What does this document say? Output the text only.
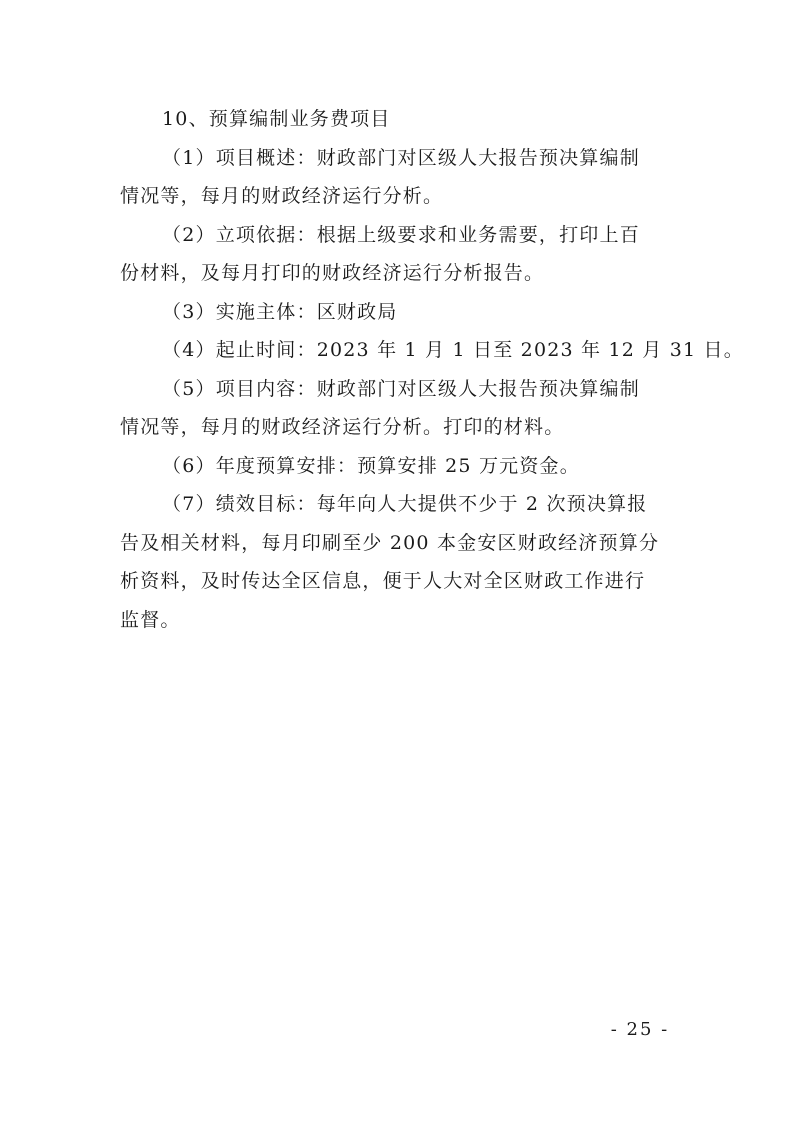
10、预算编制业务费项目
（1）项目概述：财政部门对区级人大报告预决算编制
情况等，每月的财政经济运行分析。
（2）立项依据：根据上级要求和业务需要，打印上百
份材料，及每月打印的财政经济运行分析报告。
（3）实施主体：区财政局
（4）起止时间：2023 年 1 月 1 日至 2023 年 12 月 31 日。
（5）项目内容：财政部门对区级人大报告预决算编制
情况等，每月的财政经济运行分析。打印的材料。
（6）年度预算安排：预算安排 25 万元资金。
（7）绩效目标：每年向人大提供不少于 2 次预决算报
告及相关材料，每月印刷至少 200 本金安区财政经济预算分
析资料，及时传达全区信息，便于人大对全区财政工作进行
监督。
- 25 -
